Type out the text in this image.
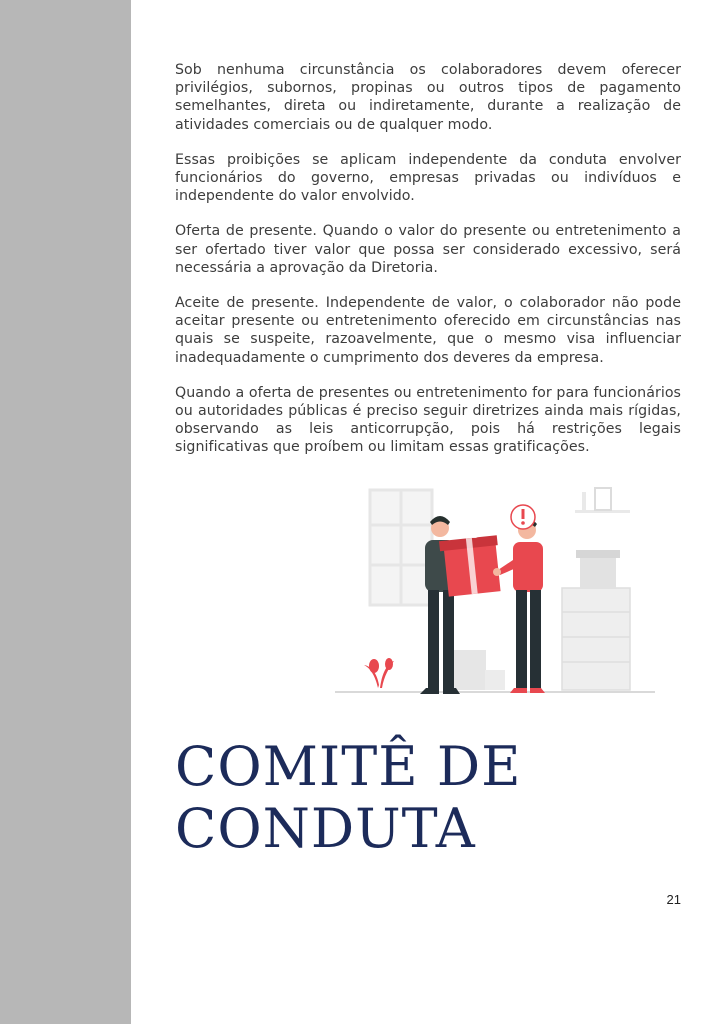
Sob nenhuma circunstância os colaboradores devem oferecer privilégios, subornos, propinas ou outros tipos de pagamento semelhantes, direta ou indiretamente, durante a realização de atividades comerciais ou de qualquer modo.

Essas proibições se aplicam independente da conduta envolver funcionários do governo, empresas privadas ou indivíduos e independente do valor envolvido.

Oferta de presente. Quando o valor do presente ou entretenimento a ser ofertado tiver valor que possa ser considerado excessivo, será necessária a aprovação da Diretoria.

Aceite de presente. Independente de valor, o colaborador não pode aceitar presente ou entretenimento oferecido em circunstâncias nas quais se suspeite, razoavelmente, que o mesmo visa influenciar inadequadamente o cumprimento dos deveres da empresa.

Quando a oferta de presentes ou entretenimento for para funcionários ou autoridades públicas é preciso seguir diretrizes ainda mais rígidas, observando as leis anticorrupção, pois há restrições legais significativas que proíbem ou limitam essas gratificações.

COMITÊ DE
CONDUTA
21
